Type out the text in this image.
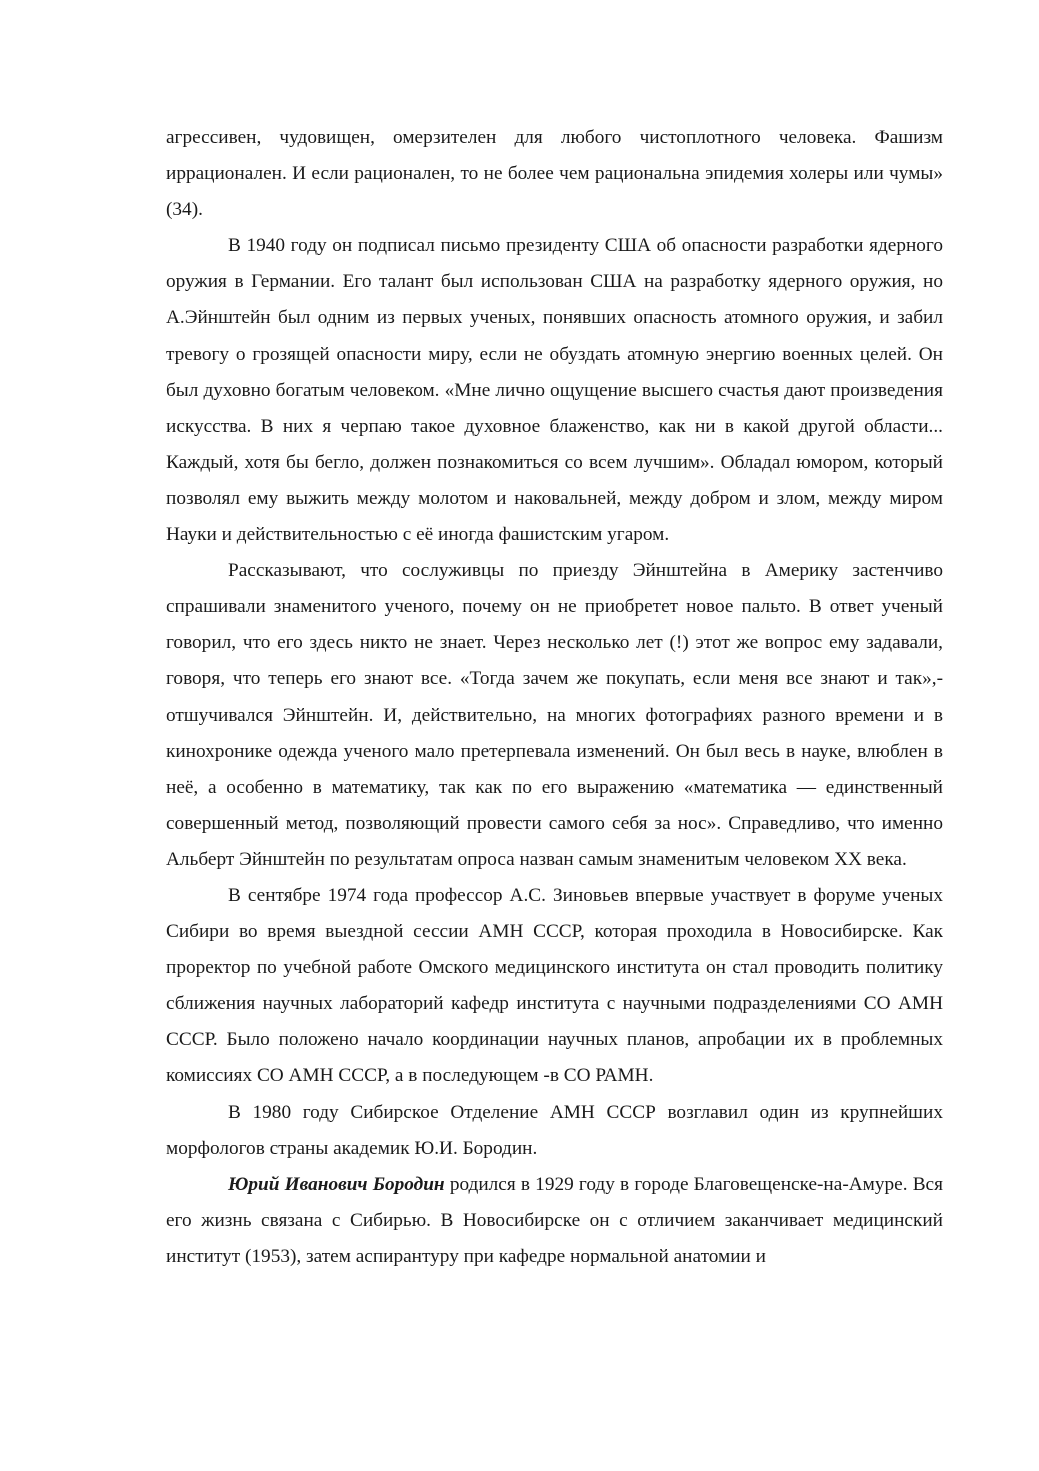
агрессивен, чудовищен, омерзителен для любого чистоплотного человека. Фашизм иррационален. И если рационален, то не более чем рациональна эпидемия холеры или чумы» (34).

В 1940 году он подписал письмо президенту США об опасности разработки ядерного оружия в Германии. Его талант был использован США на разработку ядерного оружия, но А.Эйнштейн был одним из первых ученых, понявших опасность атомного оружия, и забил тревогу о грозящей опасности миру, если не обуздать атомную энергию военных целей. Он был духовно богатым человеком. «Мне лично ощущение высшего счастья дают произведения искусства. В них я черпаю такое духовное блаженство, как ни в какой другой области... Каждый, хотя бы бегло, должен познакомиться со всем лучшим». Обладал юмором, который позволял ему выжить между молотом и наковальней, между добром и злом, между миром Науки и действительностью с её иногда фашистским угаром.

Рассказывают, что сослуживцы по приезду Эйнштейна в Америку застенчиво спрашивали знаменитого ученого, почему он не приобретет новое пальто. В ответ ученый говорил, что его здесь никто не знает. Через несколько лет (!) этот же вопрос ему задавали, говоря, что теперь его знают все. «Тогда зачем же покупать, если меня все знают и так»,- отшучивался Эйнштейн. И, действительно, на многих фотографиях разного времени и в кинохронике одежда ученого мало претерпевала изменений. Он был весь в науке, влюблен в неё, а особенно в математику, так как по его выражению «математика — единственный совершенный метод, позволяющий провести самого себя за нос». Справедливо, что именно Альберт Эйнштейн по результатам опроса назван самым знаменитым человеком XX века.

В сентябре 1974 года профессор А.С. Зиновьев впервые участвует в форуме ученых Сибири во время выездной сессии АМН СССР, которая проходила в Новосибирске. Как проректор по учебной работе Омского медицинского института он стал проводить политику сближения научных лабораторий кафедр института с научными подразделениями СО АМН СССР. Было положено начало координации научных планов, апробации их в проблемных комиссиях СО АМН СССР, а в последующем -в СО РАМН.

В 1980 году Сибирское Отделение АМН СССР возглавил один из крупнейших морфологов страны академик Ю.И. Бородин.

Юрий Иванович Бородин родился в 1929 году в городе Благовещенске-на-Амуре. Вся его жизнь связана с Сибирью. В Новосибирске он с отличием заканчивает медицинский институт (1953), затем аспирантуру при кафедре нормальной анатомии и
